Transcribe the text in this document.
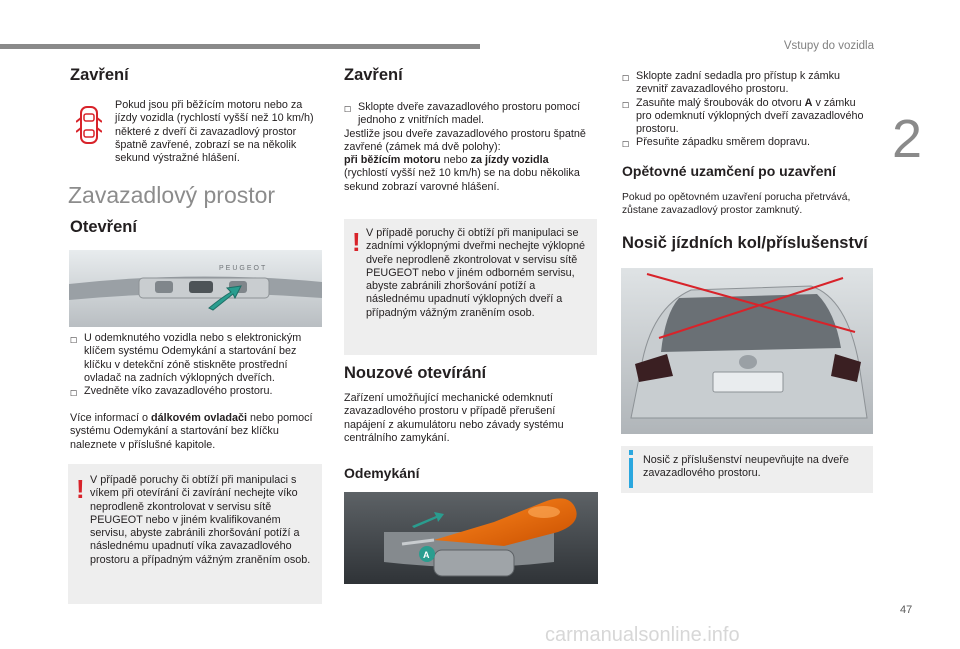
Vstupy do vozidla
2
Zavření
Pokud jsou při běžícím motoru nebo za jízdy vozidla (rychlostí vyšší než 10 km/h) některé z dveří či zavazadlový prostor špatně zavřené, zobrazí se na několik sekund výstražné hlášení.
Zavazadlový prostor
Otevření
PEUGEOT
☐ U odemknutého vozidla nebo s elektronickým klíčem systému Odemykání a startování bez klíčku v detekční zóně stiskněte prostřední ovladač na zadních výklopných dveřích.
☐ Zvedněte víko zavazadlového prostoru.
Více informací o dálkovém ovladači nebo pomocí systému Odemykání a startování bez klíčku naleznete v příslušné kapitole.
! V případě poruchy či obtíží při manipulaci s víkem při otevírání či zavírání nechejte víko neprodleně zkontrolovat v servisu sítě PEUGEOT nebo v jiném kvalifikovaném servisu, abyste zabránili zhoršování potíží a následnému upadnutí víka zavazadlového prostoru a případným vážným zraněním osob.
Zavření
☐ Sklopte dveře zavazadlového prostoru pomocí jednoho z vnitřních madel.
Jestliže jsou dveře zavazadlového prostoru špatně zavřené (zámek má dvě polohy):
při běžícím motoru nebo za jízdy vozidla
(rychlostí vyšší než 10 km/h) se na dobu několika sekund zobrazí varovné hlášení.
! V případě poruchy či obtíží při manipulaci se zadními výklopnými dveřmi nechejte výklopné dveře neprodleně zkontrolovat v servisu sítě PEUGEOT nebo v jiném odborném servisu, abyste zabránili zhoršování potíží a následnému upadnutí výklopných dveří a případným vážným zraněním osob.
Nouzové otevírání
Zařízení umožňující mechanické odemknutí zavazadlového prostoru v případě přerušení napájení z akumulátoru nebo závady systému centrálního zamykání.
Odemykání
A
☐ Sklopte zadní sedadla pro přístup k zámku zevnitř zavazadlového prostoru.
☐ Zasuňte malý šroubovák do otvoru A v zámku pro odemknutí výklopných dveří zavazadlového prostoru.
☐ Přesuňte západku směrem dopravu.
Opětovné uzamčení po uzavření
Pokud po opětovném uzavření porucha přetrvává, zůstane zavazadlový prostor zamknutý.
Nosič jízdních kol/příslušenství
Nosič z příslušenství neupevňujte na dveře zavazadlového prostoru.
47
carmanualsonline.info
